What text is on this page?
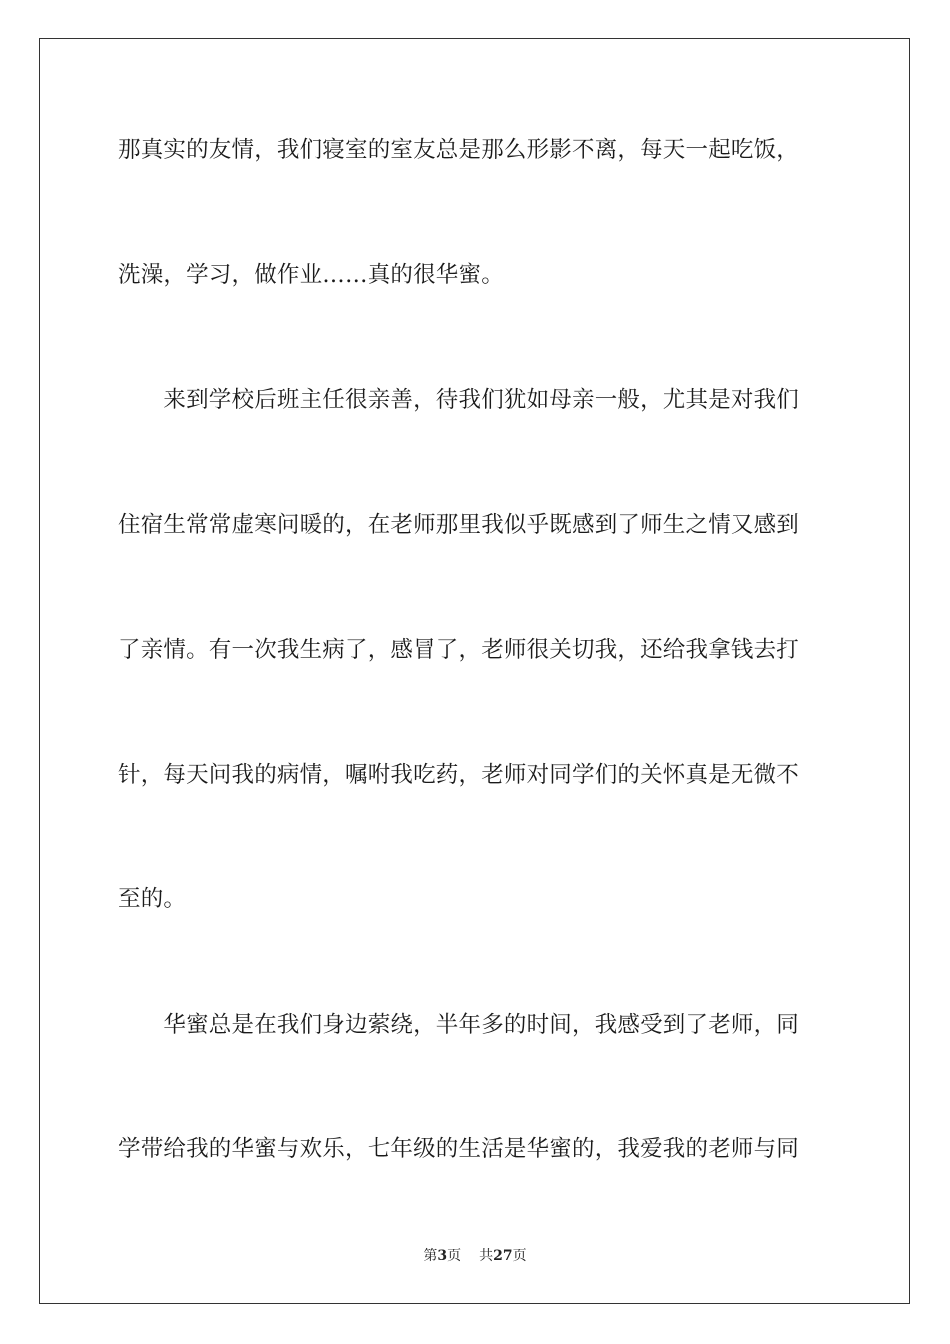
那真实的友情，我们寝室的室友总是那么形影不离，每天一起吃饭，
洗澡，学习，做作业……真的很华蜜。
　　来到学校后班主任很亲善，待我们犹如母亲一般，尤其是对我们
住宿生常常虚寒问暖的，在老师那里我似乎既感到了师生之情又感到
了亲情。有一次我生病了，感冒了，老师很关切我，还给我拿钱去打
针，每天问我的病情，嘱咐我吃药，老师对同学们的关怀真是无微不
至的。
　　华蜜总是在我们身边萦绕，半年多的时间，我感受到了老师，同
学带给我的华蜜与欢乐，七年级的生活是华蜜的，我爱我的老师与同
第3页 共27页
